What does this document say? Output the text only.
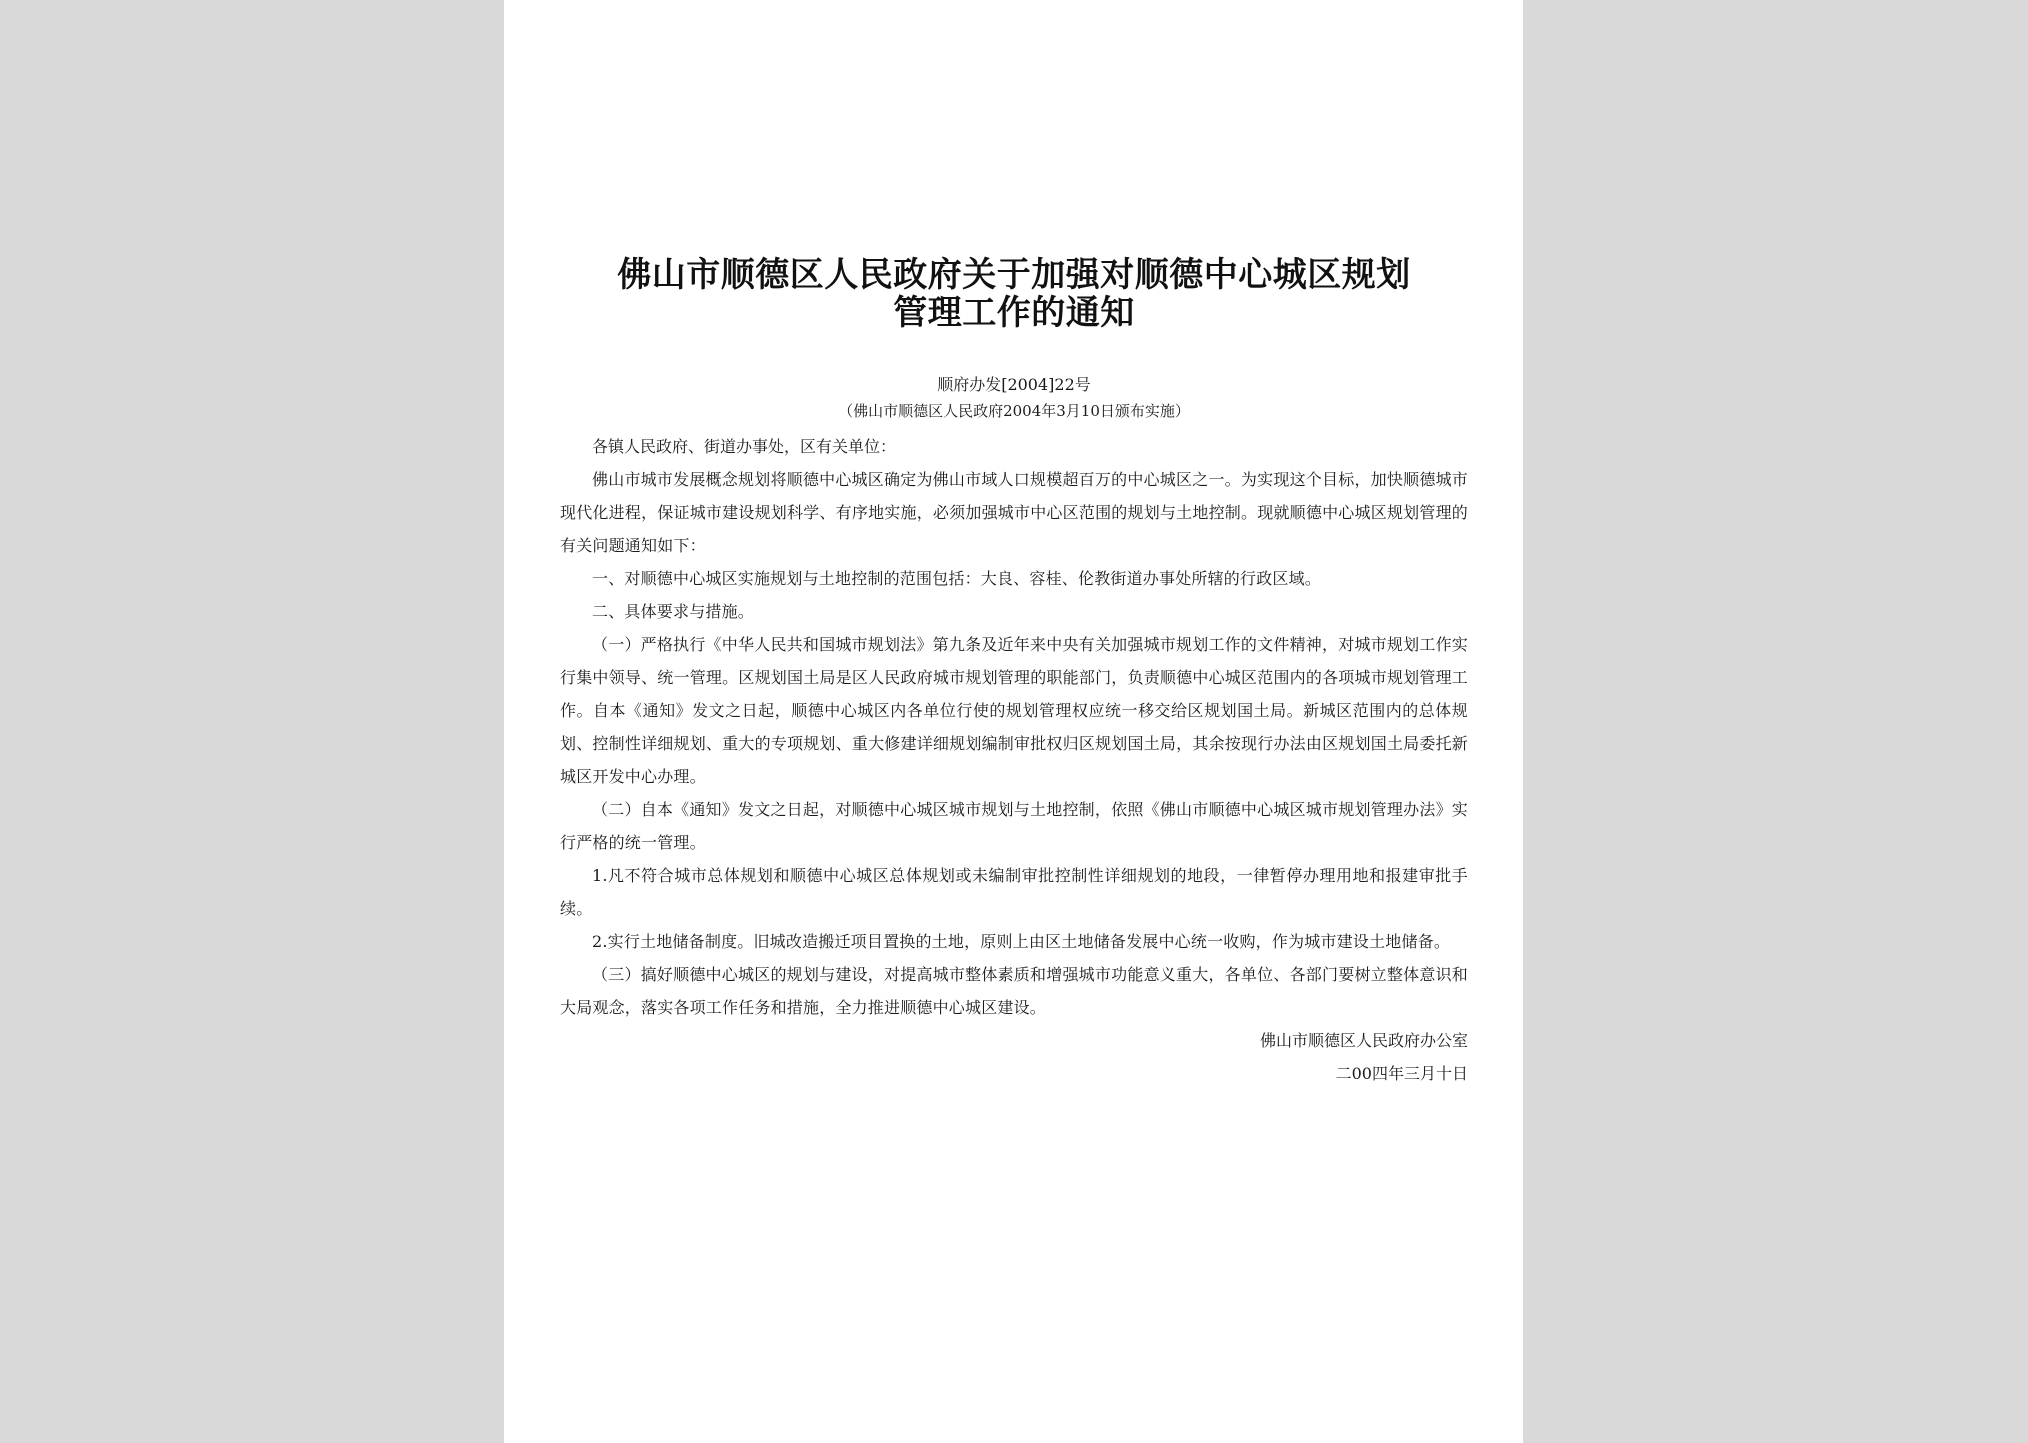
佛山市顺德区人民政府关于加强对顺德中心城区规划
管理工作的通知
顺府办发[2004]22号
（佛山市顺德区人民政府2004年3月10日颁布实施）

各镇人民政府、街道办事处，区有关单位：

佛山市城市发展概念规划将顺德中心城区确定为佛山市域人口规模超百万的中心城区之一。为实现这个目标，加快顺德城市现代化进程，保证城市建设规划科学、有序地实施，必须加强城市中心区范围的规划与土地控制。现就顺德中心城区规划管理的有关问题通知如下：

一、对顺德中心城区实施规划与土地控制的范围包括：大良、容桂、伦教街道办事处所辖的行政区域。

二、具体要求与措施。

（一）严格执行《中华人民共和国城市规划法》第九条及近年来中央有关加强城市规划工作的文件精神，对城市规划工作实行集中领导、统一管理。区规划国土局是区人民政府城市规划管理的职能部门，负责顺德中心城区范围内的各项城市规划管理工作。自本《通知》发文之日起，顺德中心城区内各单位行使的规划管理权应统一移交给区规划国土局。新城区范围内的总体规划、控制性详细规划、重大的专项规划、重大修建详细规划编制审批权归区规划国土局，其余按现行办法由区规划国土局委托新城区开发中心办理。

（二）自本《通知》发文之日起，对顺德中心城区城市规划与土地控制，依照《佛山市顺德中心城区城市规划管理办法》实行严格的统一管理。

1.凡不符合城市总体规划和顺德中心城区总体规划或未编制审批控制性详细规划的地段，一律暂停办理用地和报建审批手续。

2.实行土地储备制度。旧城改造搬迁项目置换的土地，原则上由区土地储备发展中心统一收购，作为城市建设土地储备。

（三）搞好顺德中心城区的规划与建设，对提高城市整体素质和增强城市功能意义重大，各单位、各部门要树立整体意识和大局观念，落实各项工作任务和措施，全力推进顺德中心城区建设。

佛山市顺德区人民政府办公室

二00四年三月十日
